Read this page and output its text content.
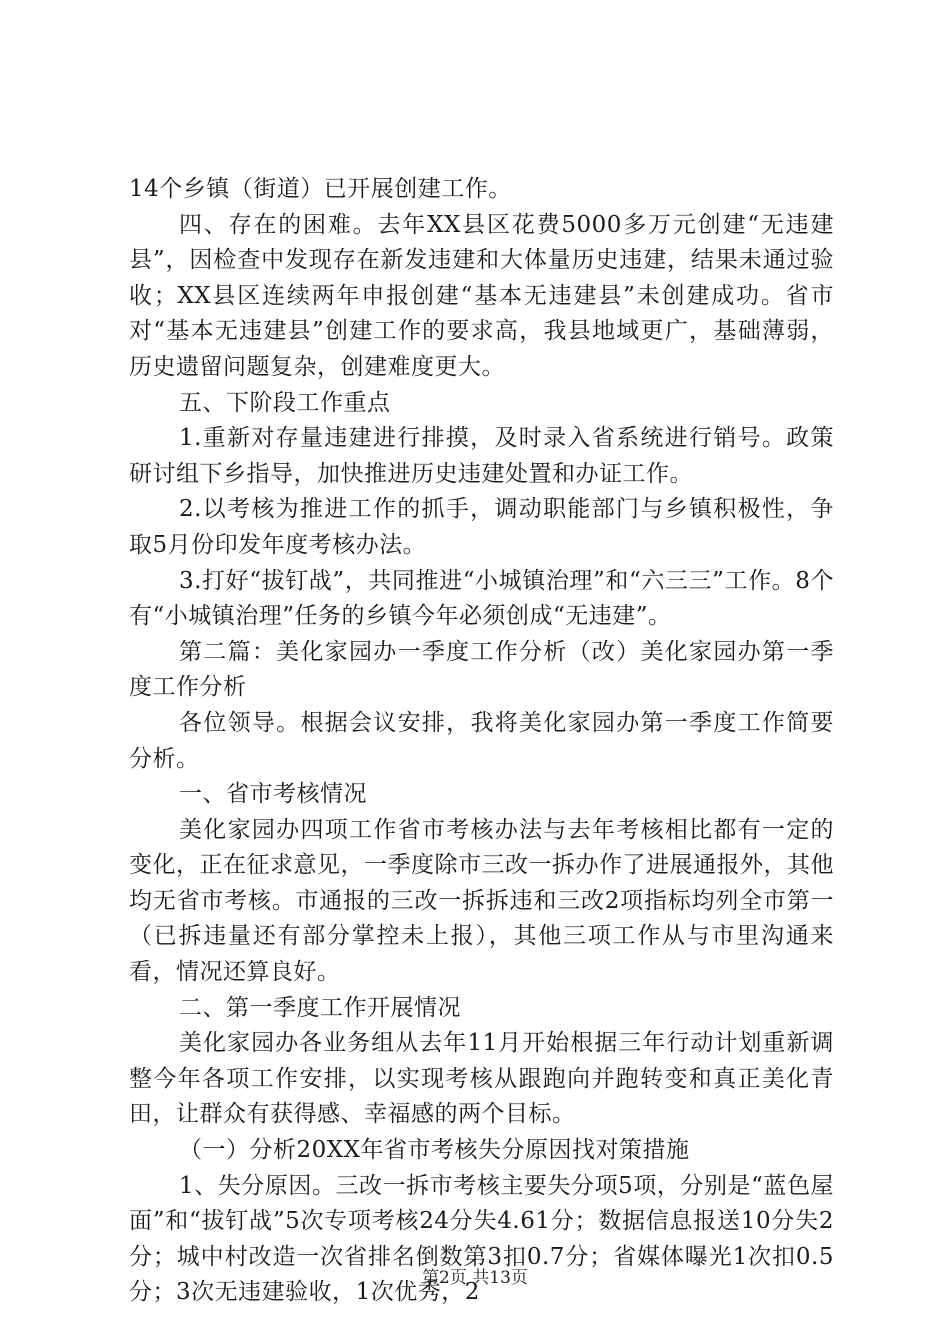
14个乡镇（街道）已开展创建工作。

四、存在的困难。去年XX县区花费5000多万元创建“无违建县”，因检查中发现存在新发违建和大体量历史违建，结果未通过验收；XX县区连续两年申报创建“基本无违建县”未创建成功。省市对“基本无违建县”创建工作的要求高，我县地域更广，基础薄弱，历史遗留问题复杂，创建难度更大。

五、下阶段工作重点

1.重新对存量违建进行排摸，及时录入省系统进行销号。政策研讨组下乡指导，加快推进历史违建处置和办证工作。

2.以考核为推进工作的抓手，调动职能部门与乡镇积极性，争取5月份印发年度考核办法。

3.打好“拔钉战”，共同推进“小城镇治理”和“六三三”工作。8个有“小城镇治理”任务的乡镇今年必须创成“无违建”。

第二篇：美化家园办一季度工作分析（改）美化家园办第一季度工作分析

各位领导。根据会议安排，我将美化家园办第一季度工作简要分析。

一、省市考核情况

美化家园办四项工作省市考核办法与去年考核相比都有一定的变化，正在征求意见，一季度除市三改一拆办作了进展通报外，其他均无省市考核。市通报的三改一拆拆违和三改2项指标均列全市第一（已拆违量还有部分掌控未上报），其他三项工作从与市里沟通来看，情况还算良好。

二、第一季度工作开展情况

美化家园办各业务组从去年11月开始根据三年行动计划重新调整今年各项工作安排，以实现考核从跟跑向并跑转变和真正美化青田，让群众有获得感、幸福感的两个目标。

（一）分析20XX年省市考核失分原因找对策措施

1、失分原因。三改一拆市考核主要失分项5项，分别是“蓝色屋面”和“拔钉战”5次专项考核24分失4.61分；数据信息报送10分失2分；城中村改造一次省排名倒数第3扣0.7分；省媒体曝光1次扣0.5分；3次无违建验收，1次优秀，2

第2页 共13页
